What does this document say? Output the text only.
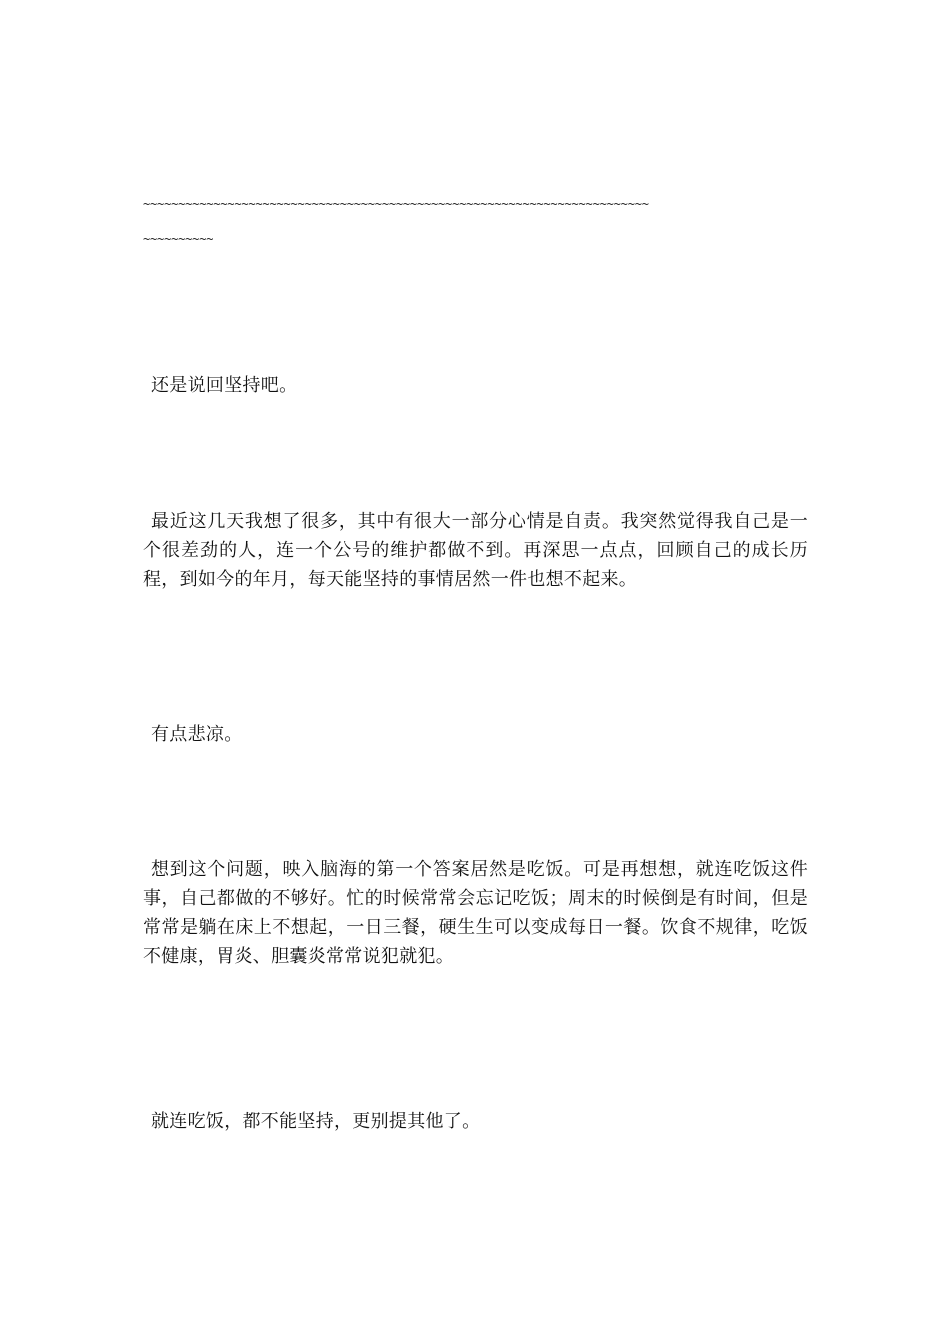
~~~~~~~~~~~~~~~~~~~~~~~~~~~~~~~~~~~~~~~~~~~~~~~~~~~~~~~~~~~~~~~~~~~~~~~~
~~~~~~~~~~

还是说回坚持吧。

最近这几天我想了很多，其中有很大一部分心情是自责。我突然觉得我自己是一个很差劲的人，连一个公号的维护都做不到。再深思一点点，回顾自己的成长历程，到如今的年月，每天能坚持的事情居然一件也想不起来。

有点悲凉。

想到这个问题，映入脑海的第一个答案居然是吃饭。可是再想想，就连吃饭这件事，自己都做的不够好。忙的时候常常会忘记吃饭；周末的时候倒是有时间，但是常常是躺在床上不想起，一日三餐，硬生生可以变成每日一餐。饮食不规律，吃饭不健康，胃炎、胆囊炎常常说犯就犯。

就连吃饭，都不能坚持，更别提其他了。
